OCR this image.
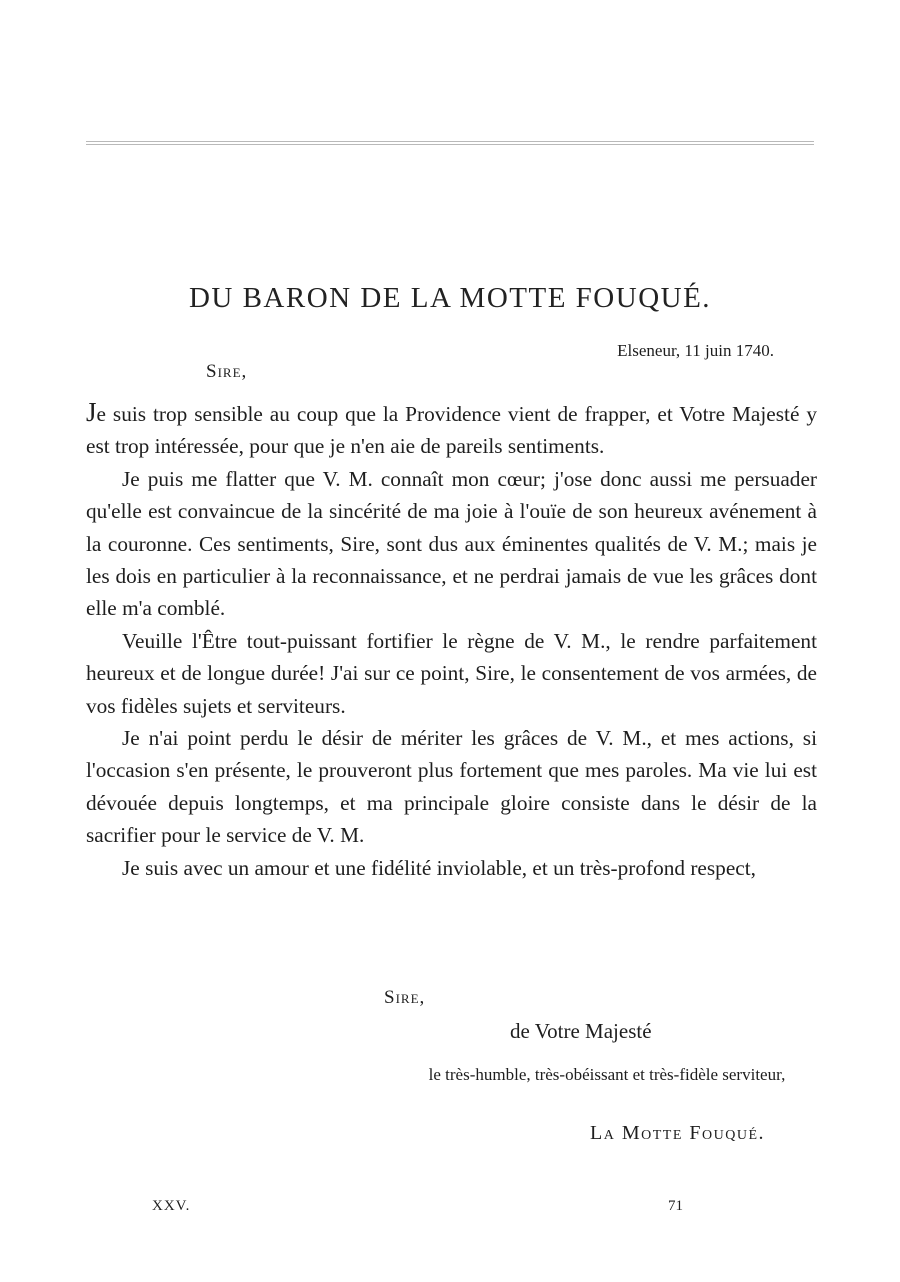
DU BARON DE LA MOTTE FOUQUÉ.

Elseneur, 11 juin 1740.

Sire,

Je suis trop sensible au coup que la Providence vient de frapper, et Votre Majesté y est trop intéressée, pour que je n'en aie de pareils sentiments.

Je puis me flatter que V. M. connaît mon cœur; j'ose donc aussi me persuader qu'elle est convaincue de la sincérité de ma joie à l'ouïe de son heureux avénement à la couronne. Ces sentiments, Sire, sont dus aux éminentes qualités de V. M.; mais je les dois en particulier à la reconnaissance, et ne perdrai jamais de vue les grâces dont elle m'a comblé.

Veuille l'Être tout-puissant fortifier le règne de V. M., le rendre parfaitement heureux et de longue durée! J'ai sur ce point, Sire, le consentement de vos armées, de vos fidèles sujets et serviteurs.

Je n'ai point perdu le désir de mériter les grâces de V. M., et mes actions, si l'occasion s'en présente, le prouveront plus fortement que mes paroles. Ma vie lui est dévouée depuis longtemps, et ma principale gloire consiste dans le désir de la sacrifier pour le service de V. M.

Je suis avec un amour et une fidélité inviolable, et un très-profond respect,

Sire,

de Votre Majesté

le très-humble, très-obéissant et très-fidèle serviteur,

La Motte Fouqué.

XXV.	71
